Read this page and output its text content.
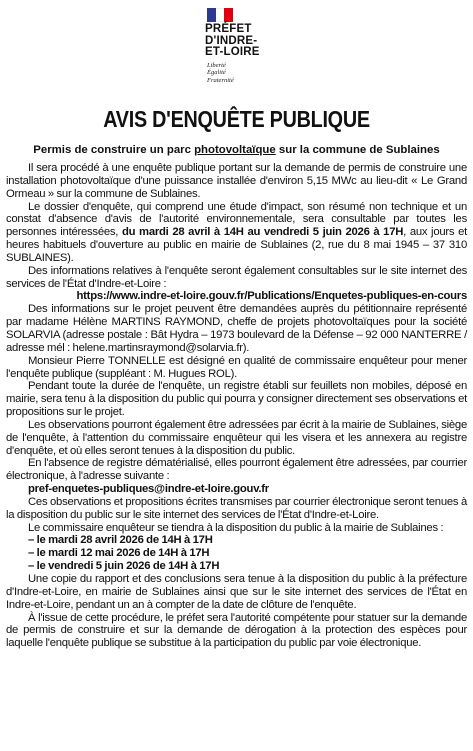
PRÉFET
D'INDRE-
ET-LOIRE
Liberté
Égalité
Fraternité
AVIS D'ENQUÊTE PUBLIQUE
Permis de construire un parc photovoltaïque sur la commune de Sublaines

Il sera procédé à une enquête publique portant sur la demande de permis de construire une installation photovoltaïque d'une puissance installée d'environ 5,15 MWc au lieu-dit « Le Grand Ormeau » sur la commune de Sublaines.

Le dossier d'enquête, qui comprend une étude d'impact, son résumé non technique et un constat d'absence d'avis de l'autorité environnementale, sera consultable par toutes les personnes intéressées, du mardi 28 avril à 14H au vendredi 5 juin 2026 à 17H, aux jours et heures habituels d'ouverture au public en mairie de Sublaines (2, rue du 8 mai 1945 – 37 310 SUBLAINES).

Des informations relatives à l'enquête seront également consultables sur le site internet des services de l'État d'Indre-et-Loire :

https://www.indre-et-loire.gouv.fr/Publications/Enquetes-publiques-en-cours

Des informations sur le projet peuvent être demandées auprès du pétitionnaire représenté par madame Hélène MARTINS RAYMOND, cheffe de projets photovoltaïques pour la société SOLARVIA (adresse postale : Bât Hydra – 1973 boulevard de la Défense – 92 000 NANTERRE / adresse mél : helene.martinsraymond@solarvia.fr).

Monsieur Pierre TONNELLE est désigné en qualité de commissaire enquêteur pour mener l'enquête publique (suppléant : M. Hugues ROL).

Pendant toute la durée de l'enquête, un registre établi sur feuillets non mobiles, déposé en mairie, sera tenu à la disposition du public qui pourra y consigner directement ses observations et propositions sur le projet.

Les observations pourront également être adressées par écrit à la mairie de Sublaines, siège de l'enquête, à l'attention du commissaire enquêteur qui les visera et les annexera au registre d'enquête, et où elles seront tenues à la disposition du public.

En l'absence de registre dématérialisé, elles pourront également être adressées, par courrier électronique, à l'adresse suivante :

pref-enquetes-publiques@indre-et-loire.gouv.fr

Ces observations et propositions écrites transmises par courrier électronique seront tenues à la disposition du public sur le site internet des services de l'État d'Indre-et-Loire.

Le commissaire enquêteur se tiendra à la disposition du public à la mairie de Sublaines :

– le mardi 28 avril 2026 de 14H à 17H
– le mardi 12 mai 2026 de 14H à 17H
– le vendredi 5 juin 2026 de 14H à 17H

Une copie du rapport et des conclusions sera tenue à la disposition du public à la préfecture d'Indre-et-Loire, en mairie de Sublaines ainsi que sur le site internet des services de l'État en Indre-et-Loire, pendant un an à compter de la date de clôture de l'enquête.

À l'issue de cette procédure, le préfet sera l'autorité compétente pour statuer sur la demande de permis de construire et sur la demande de dérogation à la protection des espèces pour laquelle l'enquête publique se substitue à la participation du public par voie électronique.
